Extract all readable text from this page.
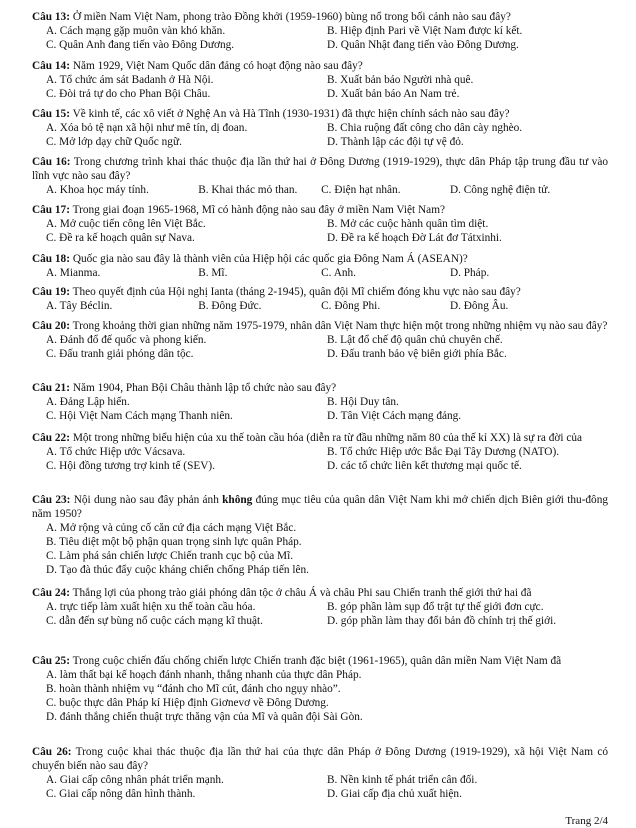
Câu 13: Ở miền Nam Việt Nam, phong trào Đồng khởi (1959-1960) bùng nổ trong bối cảnh nào sau đây?
A. Cách mạng gặp muôn vàn khó khăn.	B. Hiệp định Pari về Việt Nam được kí kết.
C. Quân Anh đang tiến vào Đông Dương.	D. Quân Nhật đang tiến vào Đông Dương.
Câu 14: Năm 1929, Việt Nam Quốc dân đảng có hoạt động nào sau đây?
A. Tổ chức ám sát Badanh ở Hà Nội.	B. Xuất bản báo Người nhà quê.
C. Đòi trả tự do cho Phan Bội Châu.	D. Xuất bản báo An Nam trẻ.
Câu 15: Về kinh tế, các xô viết ở Nghệ An và Hà Tĩnh (1930-1931) đã thực hiện chính sách nào sau đây?
A. Xóa bỏ tệ nạn xã hội như mê tín, dị đoan.	B. Chia ruộng đất công cho dân cày nghèo.
C. Mở lớp dạy chữ Quốc ngữ.	D. Thành lập các đội tự vệ đỏ.
Câu 16: Trong chương trình khai thác thuộc địa lần thứ hai ở Đông Dương (1919-1929), thực dân Pháp tập trung đầu tư vào lĩnh vực nào sau đây?
A. Khoa học máy tính.	B. Khai thác mỏ than.	C. Điện hạt nhân.	D. Công nghệ điện tử.
Câu 17: Trong giai đoạn 1965-1968, Mĩ có hành động nào sau đây ở miền Nam Việt Nam?
A. Mở cuộc tiến công lên Việt Bắc.	B. Mở các cuộc hành quân tìm diệt.
C. Đề ra kế hoạch quân sự Nava.	D. Đề ra kế hoạch Đờ Lát đơ Tátxinhi.
Câu 18: Quốc gia nào sau đây là thành viên của Hiệp hội các quốc gia Đông Nam Á (ASEAN)?
A. Mianma.	B. Mĩ.	C. Anh.	D. Pháp.
Câu 19: Theo quyết định của Hội nghị Ianta (tháng 2-1945), quân đội Mĩ chiếm đóng khu vực nào sau đây?
A. Tây Béclin.	B. Đông Đức.	C. Đông Phi.	D. Đông Âu.
Câu 20: Trong khoảng thời gian những năm 1975-1979, nhân dân Việt Nam thực hiện một trong những nhiệm vụ nào sau đây?
A. Đánh đổ đế quốc và phong kiến.	B. Lật đổ chế độ quân chủ chuyên chế.
C. Đấu tranh giải phóng dân tộc.	D. Đấu tranh bảo vệ biên giới phía Bắc.
Câu 21: Năm 1904, Phan Bội Châu thành lập tổ chức nào sau đây?
A. Đảng Lập hiến.	B. Hội Duy tân.
C. Hội Việt Nam Cách mạng Thanh niên.	D. Tân Việt Cách mạng đảng.
Câu 22: Một trong những biểu hiện của xu thế toàn cầu hóa (diễn ra từ đầu những năm 80 của thế kỉ XX) là sự ra đời của
A. Tổ chức Hiệp ước Vácsava.	B. Tổ chức Hiệp ước Bắc Đại Tây Dương (NATO).
C. Hội đồng tương trợ kinh tế (SEV).	D. các tổ chức liên kết thương mại quốc tế.
Câu 23: Nội dung nào sau đây phản ánh không đúng mục tiêu của quân dân Việt Nam khi mở chiến dịch Biên giới thu-đông năm 1950?
A. Mở rộng và củng cố căn cứ địa cách mạng Việt Bắc.
B. Tiêu diệt một bộ phận quan trọng sinh lực quân Pháp.
C. Làm phá sản chiến lược Chiến tranh cục bộ của Mĩ.
D. Tạo đà thúc đẩy cuộc kháng chiến chống Pháp tiến lên.
Câu 24: Thắng lợi của phong trào giải phóng dân tộc ở châu Á và châu Phi sau Chiến tranh thế giới thứ hai đã
A. trực tiếp làm xuất hiện xu thế toàn cầu hóa.	B. góp phần làm sụp đổ trật tự thế giới đơn cực.
C. dẫn đến sự bùng nổ cuộc cách mạng kĩ thuật.	D. góp phần làm thay đổi bản đồ chính trị thế giới.
Câu 25: Trong cuộc chiến đấu chống chiến lược Chiến tranh đặc biệt (1961-1965), quân dân miền Nam Việt Nam đã
A. làm thất bại kế hoạch đánh nhanh, thắng nhanh của thực dân Pháp.
B. hoàn thành nhiệm vụ “đánh cho Mĩ cút, đánh cho ngụy nhào”.
C. buộc thực dân Pháp kí Hiệp định Giơnevơ về Đông Dương.
D. đánh thắng chiến thuật trực thăng vận của Mĩ và quân đội Sài Gòn.
Câu 26: Trong cuộc khai thác thuộc địa lần thứ hai của thực dân Pháp ở Đông Dương (1919-1929), xã hội Việt Nam có chuyển biến nào sau đây?
A. Giai cấp công nhân phát triển mạnh.	B. Nền kinh tế phát triển cân đối.
C. Giai cấp nông dân hình thành.	D. Giai cấp địa chủ xuất hiện.
Trang 2/4
